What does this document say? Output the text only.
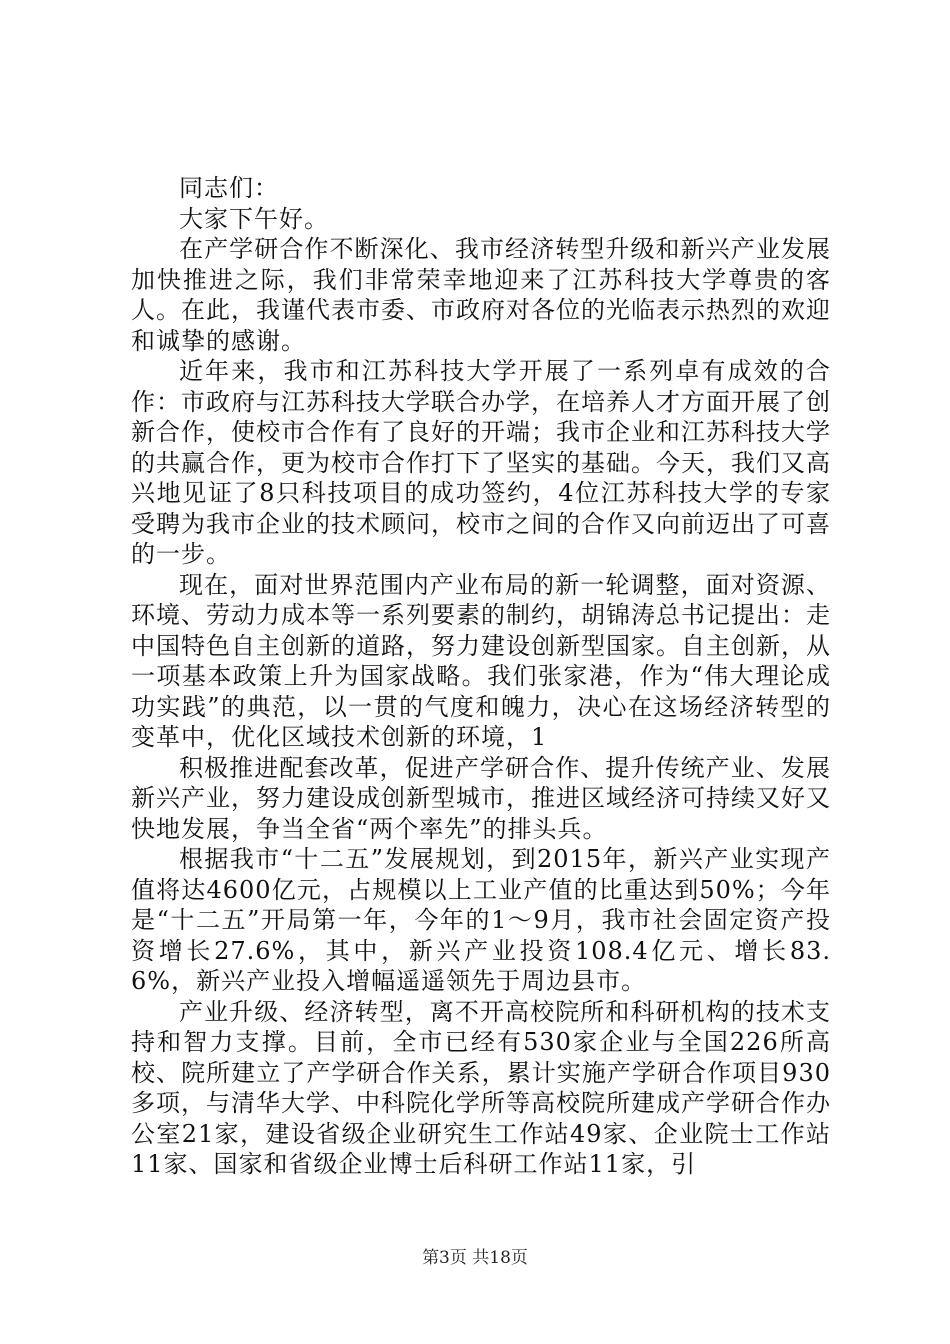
同志们：

大家下午好。

在产学研合作不断深化、我市经济转型升级和新兴产业发展加快推进之际，我们非常荣幸地迎来了江苏科技大学尊贵的客人。在此，我谨代表市委、市政府对各位的光临表示热烈的欢迎和诚挚的感谢。

近年来，我市和江苏科技大学开展了一系列卓有成效的合作：市政府与江苏科技大学联合办学，在培养人才方面开展了创新合作，使校市合作有了良好的开端；我市企业和江苏科技大学的共赢合作，更为校市合作打下了坚实的基础。今天，我们又高兴地见证了8只科技项目的成功签约，4位江苏科技大学的专家受聘为我市企业的技术顾问，校市之间的合作又向前迈出了可喜的一步。

现在，面对世界范围内产业布局的新一轮调整，面对资源、环境、劳动力成本等一系列要素的制约，胡锦涛总书记提出：走中国特色自主创新的道路，努力建设创新型国家。自主创新，从一项基本政策上升为国家战略。我们张家港，作为“伟大理论成功实践”的典范，以一贯的气度和魄力，决心在这场经济转型的变革中，优化区域技术创新的环境，1

积极推进配套改革，促进产学研合作、提升传统产业、发展新兴产业，努力建设成创新型城市，推进区域经济可持续又好又快地发展，争当全省“两个率先”的排头兵。

根据我市“十二五”发展规划，到2015年，新兴产业实现产值将达4600亿元，占规模以上工业产值的比重达到50%；今年是“十二五”开局第一年，今年的1～9月，我市社会固定资产投资增长27.6%，其中，新兴产业投资108.4亿元、增长83.6%，新兴产业投入增幅遥遥领先于周边县市。

产业升级、经济转型，离不开高校院所和科研机构的技术支持和智力支撑。目前，全市已经有530家企业与全国226所高校、院所建立了产学研合作关系，累计实施产学研合作项目930多项，与清华大学、中科院化学所等高校院所建成产学研合作办公室21家，建设省级企业研究生工作站49家、企业院士工作站11家、国家和省级企业博士后科研工作站11家，引

第3页 共18页
